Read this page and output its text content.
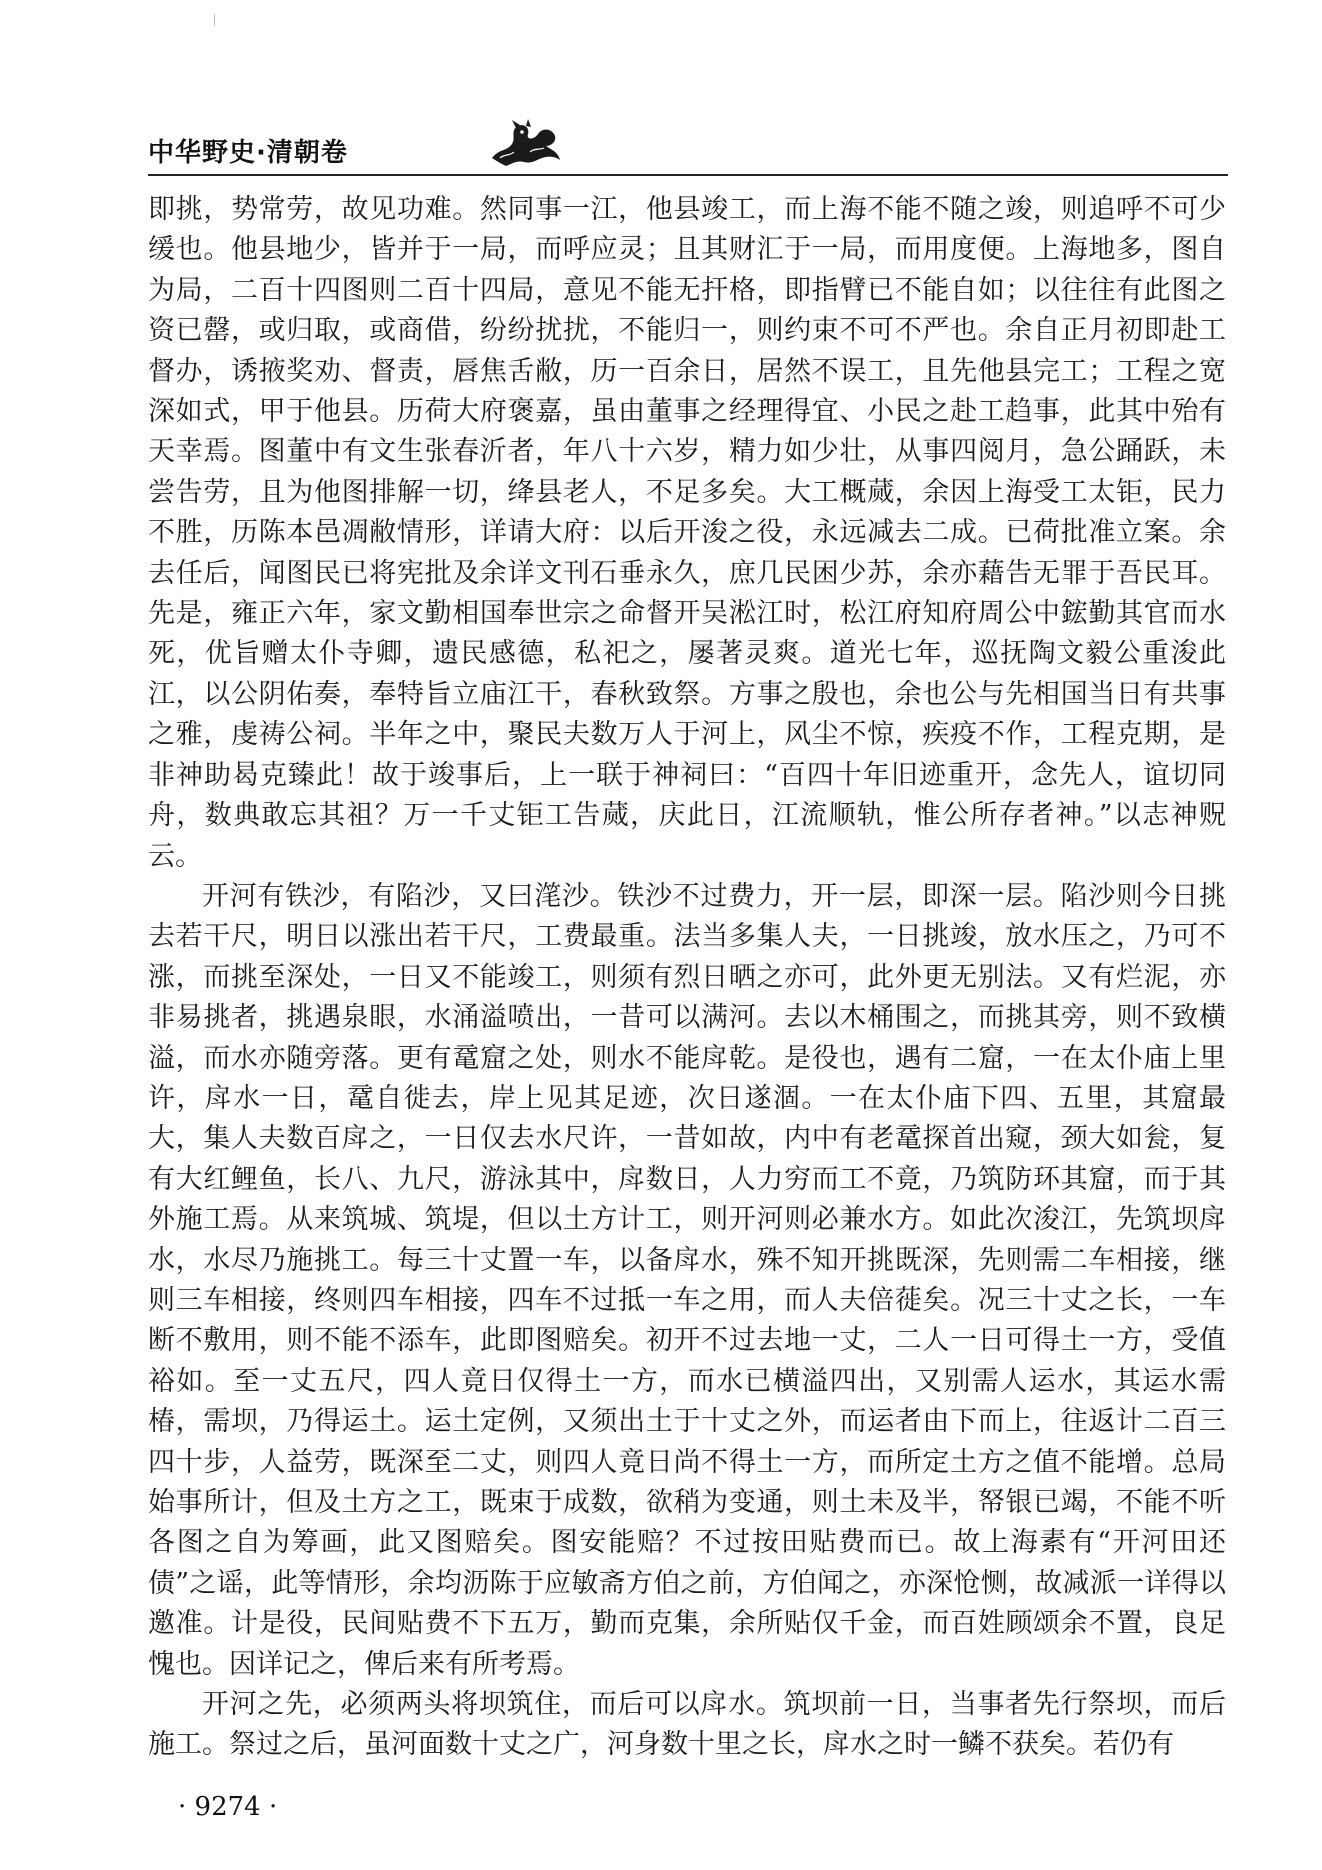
中华野史·清朝卷

即挑，势常劳，故见功难。然同事一江，他县竣工，而上海不能不随之竣，则追呼不可少缓也。他县地少，皆并于一局，而呼应灵；且其财汇于一局，而用度便。上海地多，图自为局，二百十四图则二百十四局，意见不能无扞格，即指臂已不能自如；以往往有此图之资已罄，或归取，或商借，纷纷扰扰，不能归一，则约束不可不严也。余自正月初即赴工督办，诱掖奖劝、督责，唇焦舌敝，历一百余日，居然不误工，且先他县完工；工程之宽深如式，甲于他县。历荷大府褒嘉，虽由董事之经理得宜、小民之赴工趋事，此其中殆有天幸焉。图董中有文生张春沂者，年八十六岁，精力如少壮，从事四阅月，急公踊跃，未尝告劳，且为他图排解一切，绛县老人，不足多矣。大工概蒇，余因上海受工太钜，民力不胜，历陈本邑凋敝情形，详请大府：以后开浚之役，永远减去二成。已荷批准立案。余去任后，闻图民已将宪批及余详文刊石垂永久，庶几民困少苏，余亦藉告无罪于吾民耳。先是，雍正六年，家文勤相国奉世宗之命督开吴淞江时，松江府知府周公中鋐勤其官而水死，优旨赠太仆寺卿，遗民感德，私祀之，屡著灵爽。道光七年，巡抚陶文毅公重浚此江，以公阴佑奏，奉特旨立庙江干，春秋致祭。方事之殷也，余也公与先相国当日有共事之雅，虔祷公祠。半年之中，聚民夫数万人于河上，风尘不惊，疾疫不作，工程克期，是非神助曷克臻此！故于竣事后，上一联于神祠曰：“百四十年旧迹重开，念先人，谊切同舟，数典敢忘其祖？万一千丈钜工告蒇，庆此日，江流顺轨，惟公所存者神。”以志神贶云。

开河有铁沙，有陷沙，又曰滗沙。铁沙不过费力，开一层，即深一层。陷沙则今日挑去若干尺，明日以涨出若干尺，工费最重。法当多集人夫，一日挑竣，放水压之，乃可不涨，而挑至深处，一日又不能竣工，则须有烈日晒之亦可，此外更无别法。又有烂泥，亦非易挑者，挑遇泉眼，水涌溢喷出，一昔可以满河。去以木桶围之，而挑其旁，则不致横溢，而水亦随旁落。更有鼋窟之处，则水不能戽乾。是役也，遇有二窟，一在太仆庙上里许，戽水一日，鼋自徙去，岸上见其足迹，次日遂涸。一在太仆庙下四、五里，其窟最大，集人夫数百戽之，一日仅去水尺许，一昔如故，内中有老鼋探首出窥，颈大如瓮，复有大红鲤鱼，长八、九尺，游泳其中，戽数日，人力穷而工不竟，乃筑防环其窟，而于其外施工焉。从来筑城、筑堤，但以土方计工，则开河则必兼水方。如此次浚江，先筑坝戽水，水尽乃施挑工。每三十丈置一车，以备戽水，殊不知开挑既深，先则需二车相接，继则三车相接，终则四车相接，四车不过抵一车之用，而人夫倍蓰矣。况三十丈之长，一车断不敷用，则不能不添车，此即图赔矣。初开不过去地一丈，二人一日可得土一方，受值裕如。至一丈五尺，四人竟日仅得土一方，而水已横溢四出，又别需人运水，其运水需椿，需坝，乃得运土。运土定例，又须出土于十丈之外，而运者由下而上，往返计二百三四十步，人益劳，既深至二丈，则四人竟日尚不得土一方，而所定土方之值不能增。总局始事所计，但及土方之工，既束于成数，欲稍为变通，则土未及半，帑银已竭，不能不听各图之自为筹画，此又图赔矣。图安能赔？不过按田贴费而已。故上海素有“开河田还债”之谣，此等情形，余均沥陈于应敏斋方伯之前，方伯闻之，亦深怆恻，故减派一详得以邀准。计是役，民间贴费不下五万，勤而克集，余所贴仅千金，而百姓顾颂余不置，良足愧也。因详记之，俾后来有所考焉。

开河之先，必须两头将坝筑住，而后可以戽水。筑坝前一日，当事者先行祭坝，而后施工。祭过之后，虽河面数十丈之广，河身数十里之长，戽水之时一鳞不获矣。若仍有

· 9274 ·
